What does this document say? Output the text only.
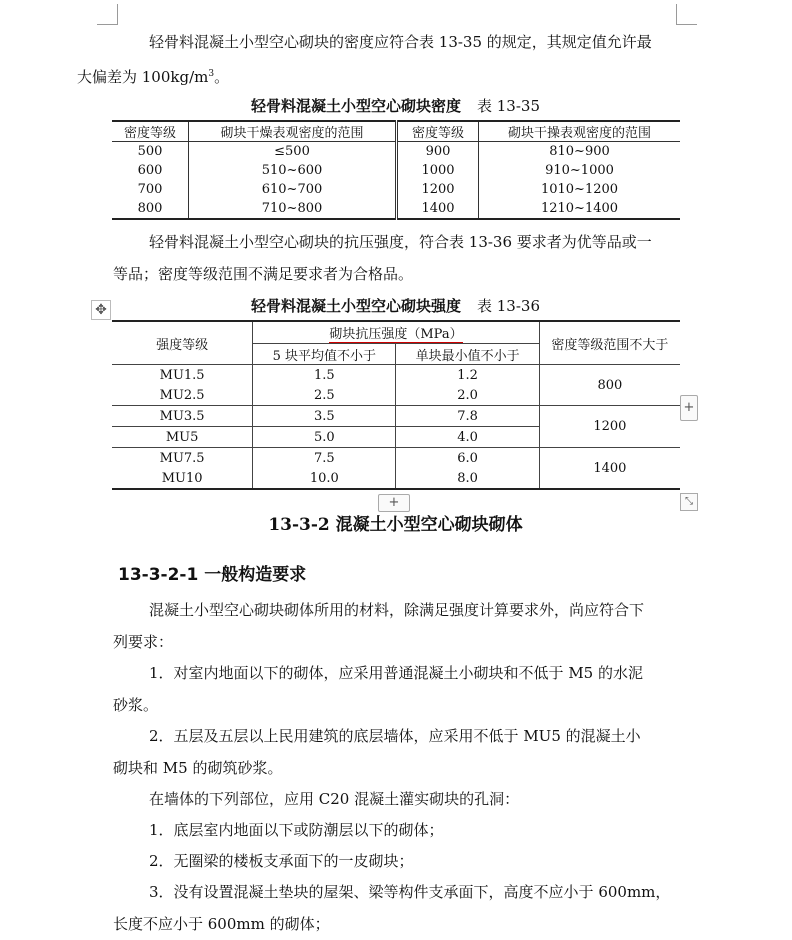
轻骨料混凝土小型空心砌块的密度应符合表 13-35 的规定，其规定值允许最
大偏差为 $100kg/m^3$。
轻骨料混凝土小型空心砌块密度 表 13-35
密度等级	砌块干燥表观密度的范围	密度等级	砌块干操表观密度的范围
500	≤500	900	810~900
600	510~600	1000	910~1000
700	610~700	1200	1010~1200
800	710~800	1400	1210~1400
轻骨料混凝土小型空心砌块的抗压强度，符合表 13-36 要求者为优等品或一
等品；密度等级范围不满足要求者为合格品。
✥	轻骨料混凝土小型空心砌块强度 表 13-36
强度等级	砌块抗压强度（MPa）		密度等级范围不大于
	5 块平均值不小于	单块最小值不小于	
MU1.5	1.5	1.2	800
MU2.5	2.5	2.0	
MU3.5	3.5	7.8	1200
MU5	5.0	4.0	
MU7.5	7.5	6.0	1400
MU10	10.0	8.0	
+
+	⤡
13-3-2 混凝土小型空心砌块砌体
13-3-2-1 一般构造要求
混凝土小型空心砌块砌体所用的材料，除满足强度计算要求外，尚应符合下
列要求：
1．对室内地面以下的砌体，应采用普通混凝土小砌块和不低于 M5 的水泥
砂浆。
2．五层及五层以上民用建筑的底层墙体，应采用不低于 MU5 的混凝土小
砌块和 M5 的砌筑砂浆。
在墙体的下列部位，应用 C20 混凝土灌实砌块的孔洞：
1．底层室内地面以下或防潮层以下的砌体；
2．无圈梁的楼板支承面下的一皮砌块；
3．没有设置混凝土垫块的屋架、梁等构件支承面下，高度不应小于 600mm，
长度不应小于 600mm 的砌体；
